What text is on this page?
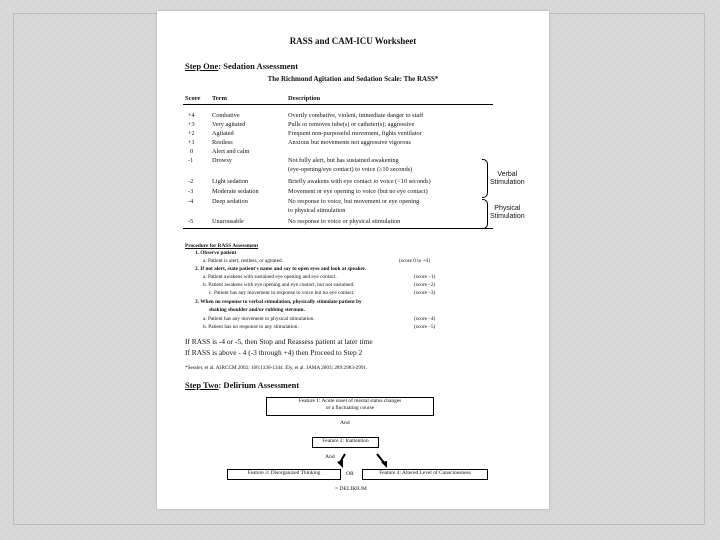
RASS and CAM-ICU Worksheet
Step One: Sedation Assessment
The Richmond Agitation and Sedation Scale: The RASS*
Score Term	Description
+4	Combative	Overtly combative, violent, immediate danger to staff
+3	Very agitated	Pulls or removes tube(s) or catheter(s); aggressive
+2	Agitated	Frequent non-purposeful movement, fights ventilator
+1	Restless	Anxious but movements not aggressive vigorous
0	Alert and calm
-1	Drowsy	Not fully alert, but has sustained awakening
(eye-opening/eye contact) to voice (≥10 seconds)
-2	Light sedation	Briefly awakens with eye contact to voice (<10 seconds)
-3	Moderate sedation	Movement or eye opening to voice (but no eye contact)
-4	Deep sedation	No response to voice, but movement or eye opening
to physical stimulation
-5	Unarousable	No response to voice or physical stimulation
Verbal
Stimulation
Physical
Stimulation
Procedure for RASS Assessment
1. Observe patient
a. Patient is alert, restless, or agitated.	(score 0 to +4)
2. If not alert, state patient's name and say to open eyes and look at speaker.
a. Patient awakens with sustained eye opening and eye contact.	(score –1)
b. Patient awakens with eye opening and eye contact, but not sustained.	(score –2)
c. Patient has any movement in response to voice but no eye contact.	(score –3)
3. When no response to verbal stimulation, physically stimulate patient by
shaking shoulder and/or rubbing sternum.
a. Patient has any movement to physical stimulation.	(score –4)
b. Patient has no response to any stimulation.	(score –5)
If RASS is -4 or -5, then Stop and Reassess patient at later time
If RASS is above - 4 (-3 through +4) then Proceed to Step 2
*Sessler, et al. AJRCCM 2002; 166:1338-1344. Ely, et al. JAMA 2003; 289:2983-2991.
Step Two: Delirium Assessment
Feature 1: Acute onset of mental status changes
or a fluctuating course
And
Feature 2: Inattention
And
Feature 3: Disorganized Thinking	OR	Feature 4: Altered Level of Consciousness
= DELIRIUM
